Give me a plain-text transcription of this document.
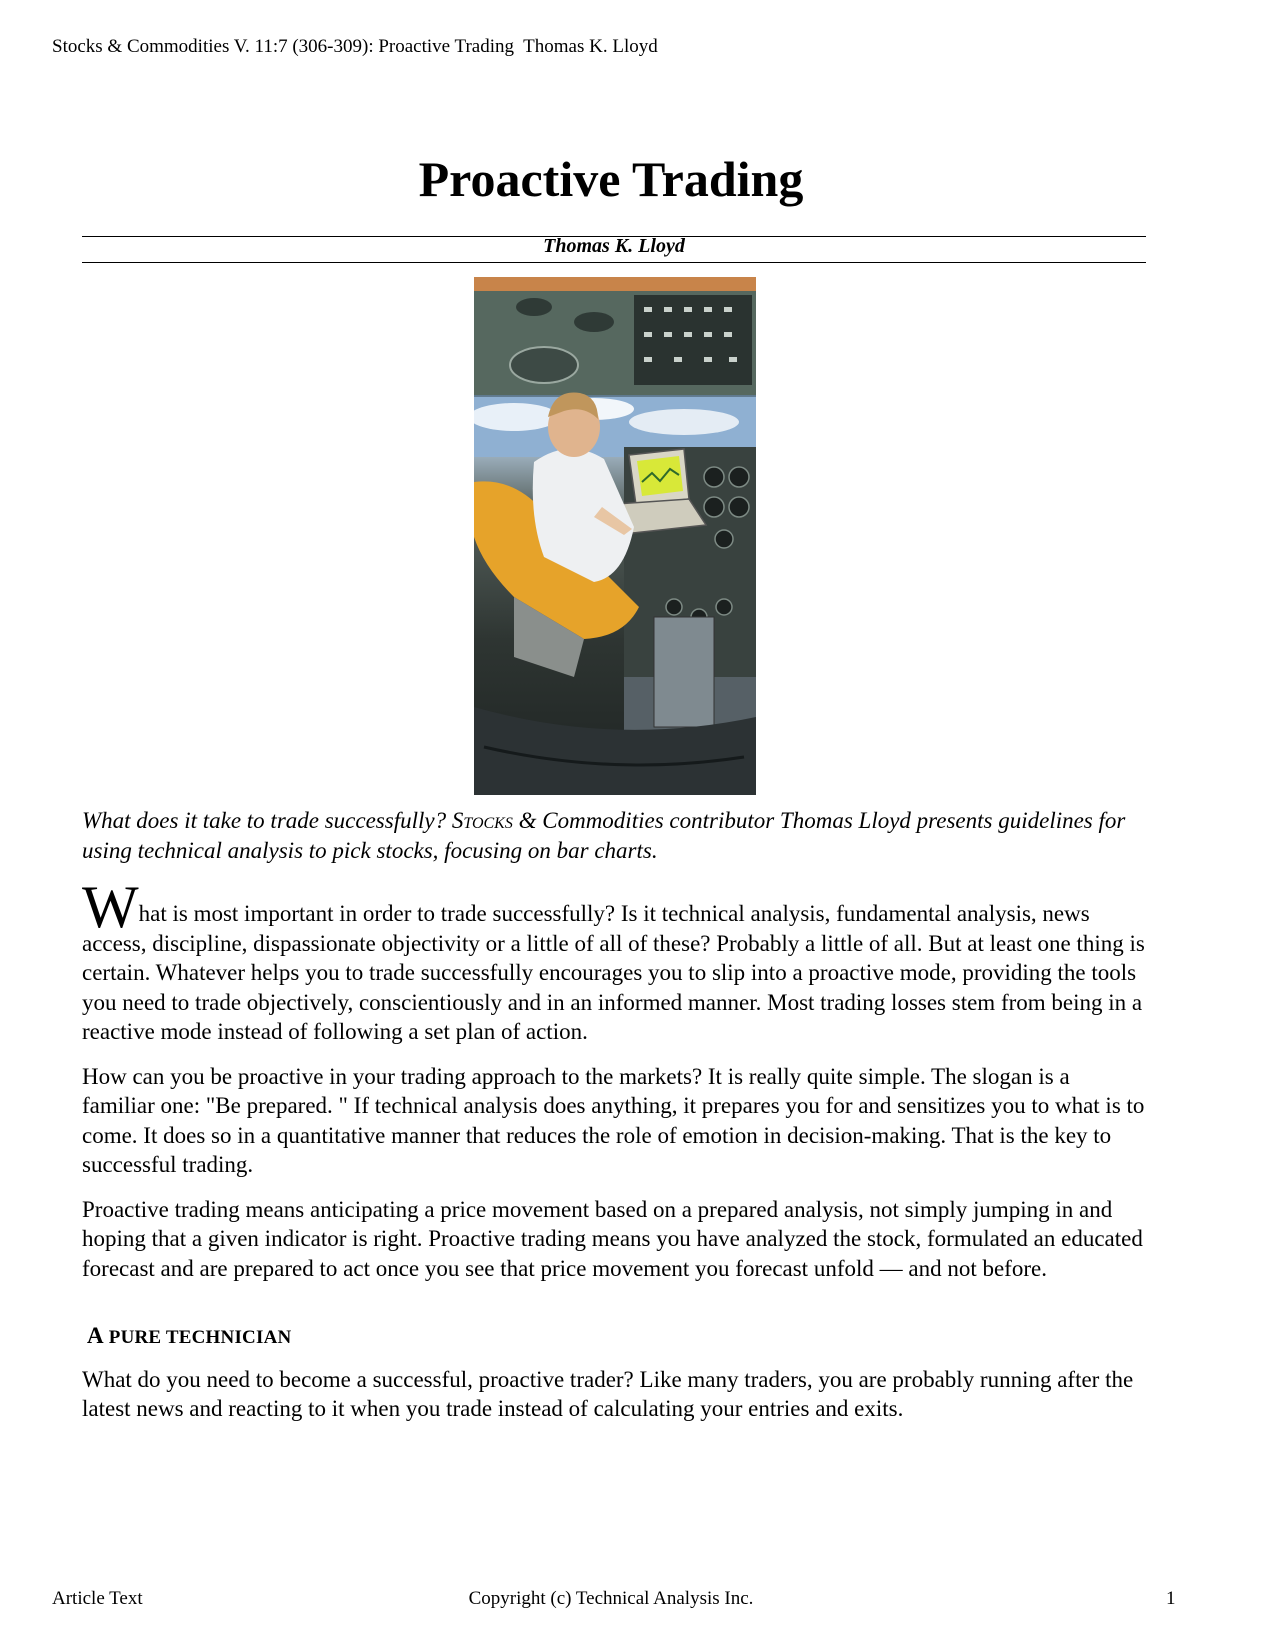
Stocks & Commodities V. 11:7 (306-309): Proactive Trading  Thomas K. Lloyd
Proactive Trading
Thomas K. Lloyd

What does it take to trade successfully? Stocks & Commodities contributor Thomas Lloyd presents guidelines for using technical analysis to pick stocks, focusing on bar charts.

What is most important in order to trade successfully? Is it technical analysis, fundamental analysis, news access, discipline, dispassionate objectivity or a little of all of these? Probably a little of all. But at least one thing is certain. Whatever helps you to trade successfully encourages you to slip into a proactive mode, providing the tools you need to trade objectively, conscientiously and in an informed manner. Most trading losses stem from being in a reactive mode instead of following a set plan of action.

How can you be proactive in your trading approach to the markets? It is really quite simple. The slogan is a familiar one: "Be prepared. " If technical analysis does anything, it prepares you for and sensitizes you to what is to come. It does so in a quantitative manner that reduces the role of emotion in decision-making. That is the key to successful trading.

Proactive trading means anticipating a price movement based on a prepared analysis, not simply jumping in and hoping that a given indicator is right. Proactive trading means you have analyzed the stock, formulated an educated forecast and are prepared to act once you see that price movement you forecast unfold — and not before.

A PURE TECHNICIAN

What do you need to become a successful, proactive trader? Like many traders, you are probably running after the latest news and reacting to it when you trade instead of calculating your entries and exits.

Article Text	Copyright (c) Technical Analysis Inc.	1
